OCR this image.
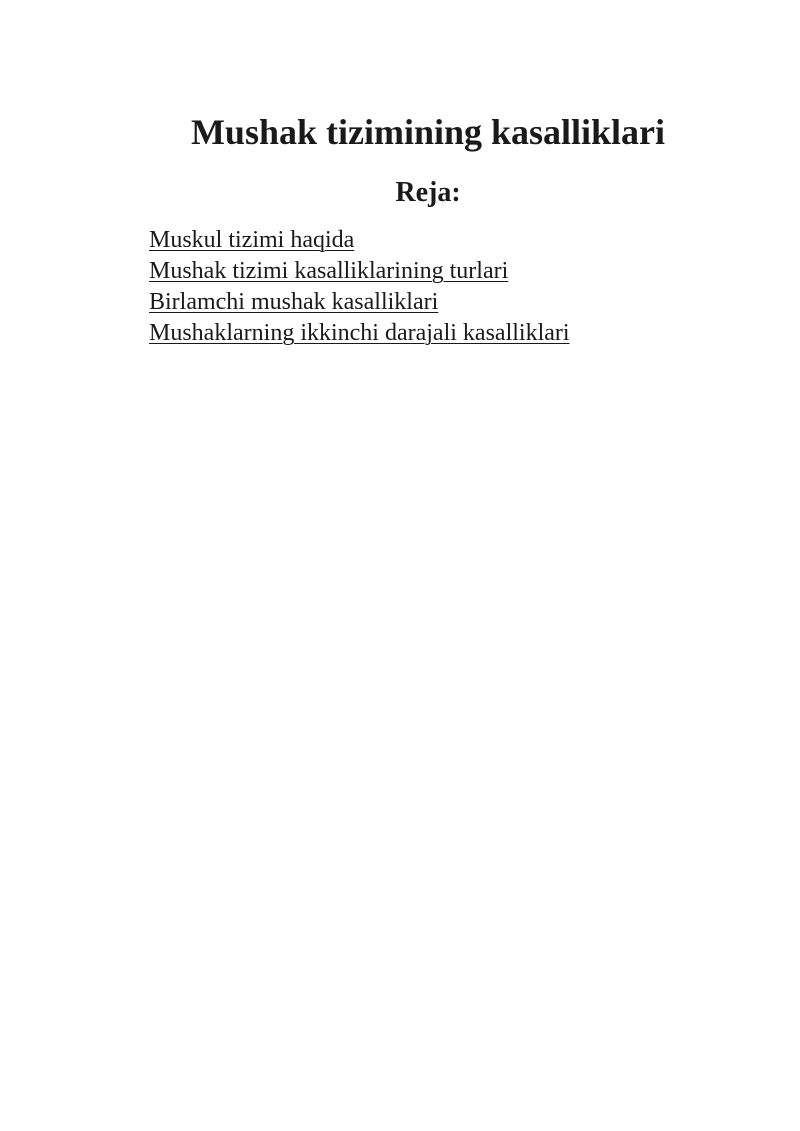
Mushak tizimining kasalliklari
Reja:
Muskul tizimi haqida
Mushak tizimi kasalliklarining turlari
Birlamchi mushak kasalliklari
Mushaklarning ikkinchi darajali kasalliklari
